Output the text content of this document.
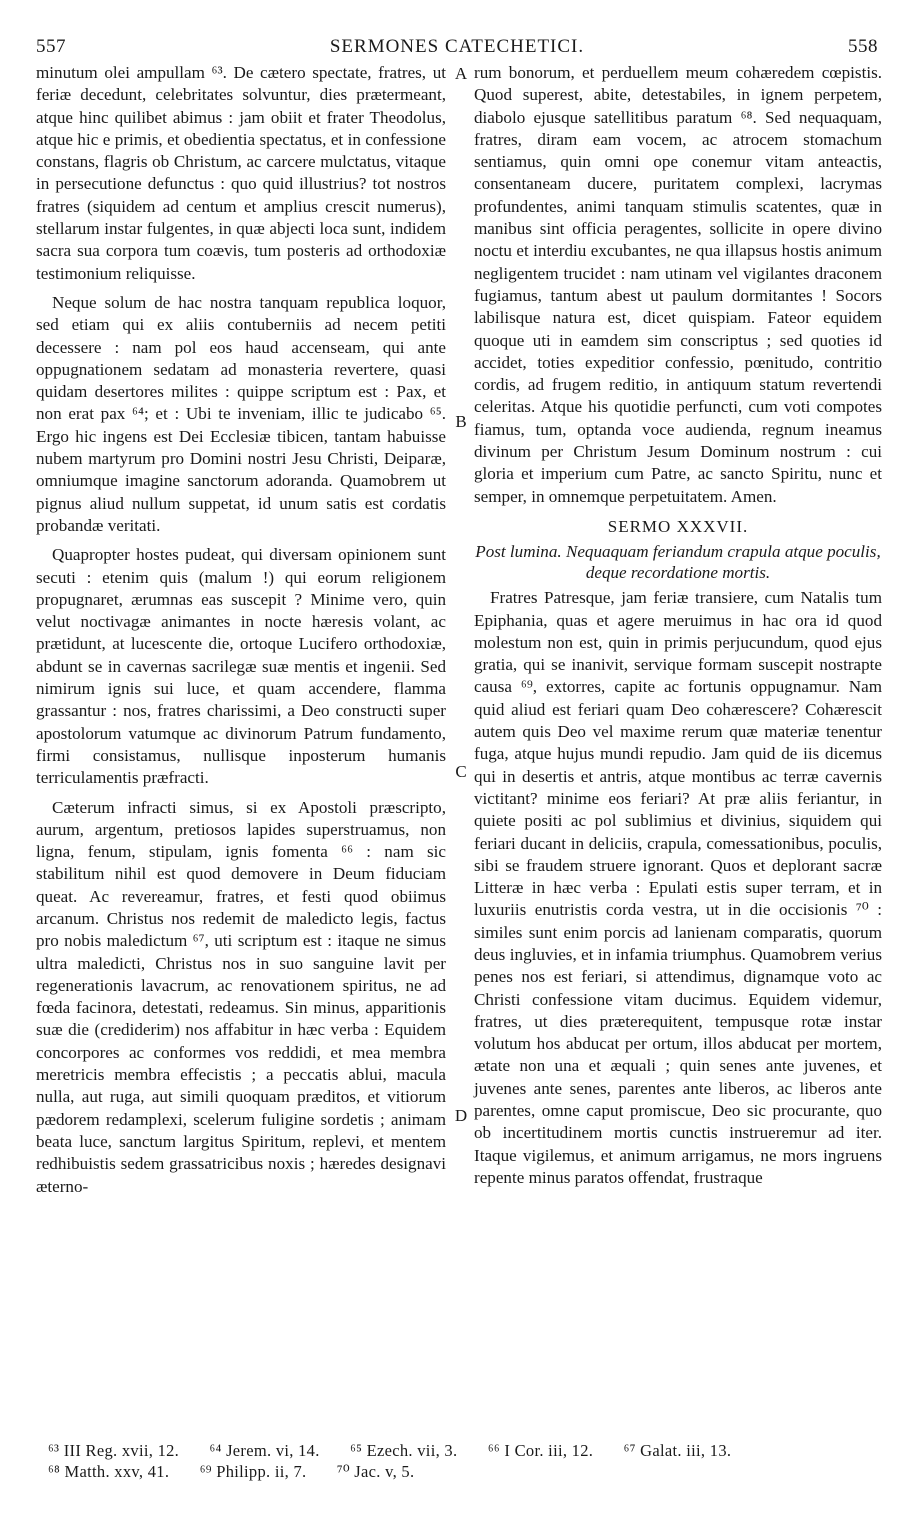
557	SERMONES CATECHETICI.	558

minutum olei ampullam ⁶³. De cætero spectate, fratres, ut feriæ decedunt, celebritates solvuntur, dies prætermeant, atque hinc quilibet abimus : jam obiit et frater Theodolus, atque hic e primis, et obedientia spectatus, et in confessione constans, flagris ob Christum, ac carcere mulctatus, vitaque in persecutione defunctus : quo quid illustrius? tot nostros fratres (siquidem ad centum et amplius crescit numerus), stellarum instar fulgentes, in quæ abjecti loca sunt, indidem sacra sua corpora tum coævis, tum posteris ad orthodoxiæ testimonium reliquisse.

Neque solum de hac nostra tanquam republica loquor, sed etiam qui ex aliis contuberniis ad necem petiti decessere : nam pol eos haud accenseam, qui ante oppugnationem sedatam ad monasteria revertere, quasi quidam desertores milites : quippe scriptum est : Pax, et non erat pax ⁶⁴; et : Ubi te inveniam, illic te judicabo ⁶⁵. Ergo hic ingens est Dei Ecclesiæ tibicen, tantam habuisse nubem martyrum pro Domini nostri Jesu Christi, Deiparæ, omniumque imagine sanctorum adoranda. Quamobrem ut pignus aliud nullum suppetat, id unum satis est cordatis probandæ veritati.

Quapropter hostes pudeat, qui diversam opinionem sunt secuti : etenim quis (malum !) qui eorum religionem propugnaret, ærumnas eas suscepit ? Minime vero, quin velut noctivagæ animantes in nocte hæresis volant, ac prætidunt, at lucescente die, ortoque Lucifero orthodoxiæ, abdunt se in cavernas sacrilegæ suæ mentis et ingenii. Sed nimirum ignis sui luce, et quam accendere, flamma grassantur : nos, fratres charissimi, a Deo constructi super apostolorum vatumque ac divinorum Patrum fundamento, firmi consistamus, nullisque inposterum humanis terriculamentis præfracti.

Cæterum infracti simus, si ex Apostoli præscripto, aurum, argentum, pretiosos lapides superstruamus, non ligna, fenum, stipulam, ignis fomenta ⁶⁶ : nam sic stabilitum nihil est quod demovere in Deum fiduciam queat. Ac revereamur, fratres, et festi quod obiimus arcanum. Christus nos redemit de maledicto legis, factus pro nobis maledictum ⁶⁷, uti scriptum est : itaque ne simus ultra maledicti, Christus nos in suo sanguine lavit per regenerationis lavacrum, ac renovationem spiritus, ne ad fœda facinora, detestati, redeamus. Sin minus, apparitionis suæ die (crediderim) nos affabitur in hæc verba : Equidem concorpores ac conformes vos reddidi, et mea membra meretricis membra effecistis ; a peccatis ablui, macula nulla, aut ruga, aut simili quoquam præditos, et vitiorum pædorem redamplexi, scelerum fuligine sordetis ; animam beata luce, sanctum largitus Spiritum, replevi, et mentem redhibuistis sedem grassatricibus noxis ; hæredes designavi æterno-

A
B
C
D

rum bonorum, et perduellem meum cohæredem cœpistis. Quod superest, abite, detestabiles, in ignem perpetem, diabolo ejusque satellitibus paratum ⁶⁸. Sed nequaquam, fratres, diram eam vocem, ac atrocem stomachum sentiamus, quin omni ope conemur vitam anteactis, consentaneam ducere, puritatem complexi, lacrymas profundentes, animi tanquam stimulis scatentes, quæ in manibus sint officia peragentes, sollicite in opere divino noctu et interdiu excubantes, ne qua illapsus hostis animum negligentem trucidet : nam utinam vel vigilantes draconem fugiamus, tantum abest ut paulum dormitantes ! Socors labilisque natura est, dicet quispiam. Fateor equidem quoque uti in eamdem sim conscriptus ; sed quoties id accidet, toties expeditior confessio, pœnitudo, contritio cordis, ad frugem reditio, in antiquum statum revertendi celeritas. Atque his quotidie perfuncti, cum voti compotes fiamus, tum, optanda voce audienda, regnum ineamus divinum per Christum Jesum Dominum nostrum : cui gloria et imperium cum Patre, ac sancto Spiritu, nunc et semper, in omnemque perpetuitatem. Amen.

SERMO XXXVII.

Post lumina. Nequaquam feriandum crapula atque poculis, deque recordatione mortis.

Fratres Patresque, jam feriæ transiere, cum Natalis tum Epiphania, quas et agere meruimus in hac ora id quod molestum non est, quin in primis perjucundum, quod ejus gratia, qui se inanivit, servique formam suscepit nostrapte causa ⁶⁹, extorres, capite ac fortunis oppugnamur. Nam quid aliud est feriari quam Deo cohærescere? Cohærescit autem quis Deo vel maxime rerum quæ materiæ tenentur fuga, atque hujus mundi repudio. Jam quid de iis dicemus qui in desertis et antris, atque montibus ac terræ cavernis victitant? minime eos feriari? At præ aliis feriantur, in quiete positi ac pol sublimius et divinius, siquidem qui feriari ducant in deliciis, crapula, comessationibus, poculis, sibi se fraudem struere ignorant. Quos et deplorant sacræ Litteræ in hæc verba : Epulati estis super terram, et in luxuriis enutristis corda vestra, ut in die occisionis ⁷⁰ : similes sunt enim porcis ad lanienam comparatis, quorum deus ingluvies, et in infamia triumphus. Quamobrem verius penes nos est feriari, si attendimus, dignamque voto ac Christi confessione vitam ducimus. Equidem videmur, fratres, ut dies præterequitent, tempusque rotæ instar volutum hos abducat per ortum, illos abducat per mortem, ætate non una et æquali ; quin senes ante juvenes, et juvenes ante senes, parentes ante liberos, ac liberos ante parentes, omne caput promiscue, Deo sic procurante, quo ob incertitudinem mortis cunctis instrueremur ad iter. Itaque vigilemus, et animum arrigamus, ne mors ingruens repente minus paratos offendat, frustraque

⁶³ III Reg. xvii, 12. ⁶⁴ Jerem. vi, 14. ⁶⁵ Ezech. vii, 3. ⁶⁶ I Cor. iii, 12. ⁶⁷ Galat. iii, 13.
⁶⁸ Matth. xxv, 41. ⁶⁹ Philipp. ii, 7. ⁷⁰ Jac. v, 5.
